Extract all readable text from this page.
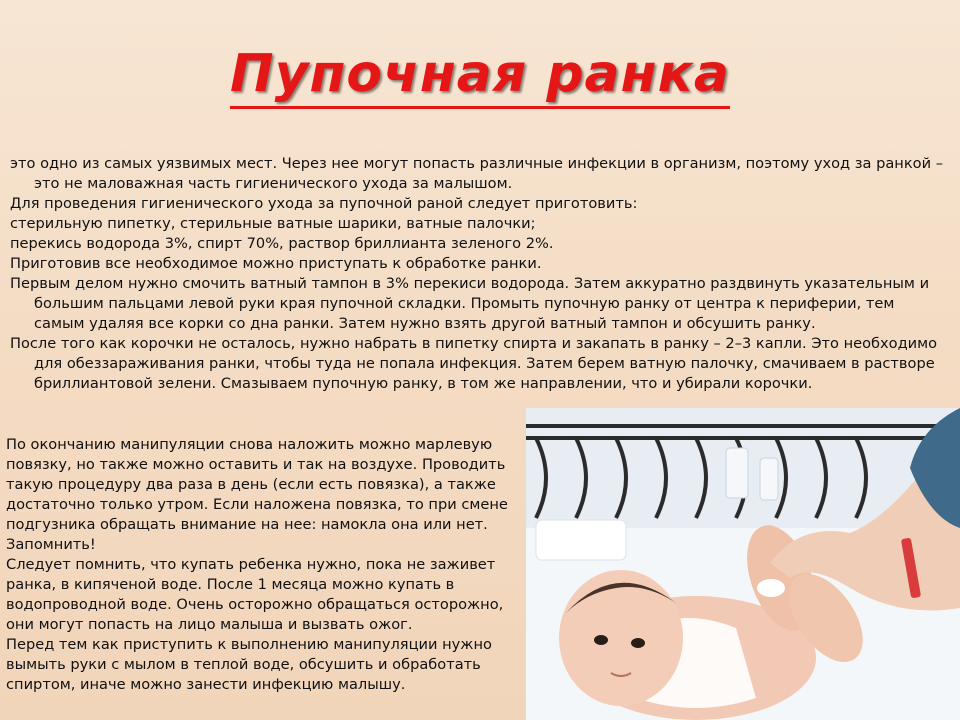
Пупочная ранка

это одно из самых уязвимых мест. Через нее могут попасть различные инфекции в организм, поэтому уход за ранкой – это не маловажная часть гигиенического ухода за малышом.

Для проведения гигиенического ухода за пупочной раной следует приготовить:

стерильную пипетку, стерильные ватные шарики, ватные палочки;

перекись водорода 3%, спирт 70%, раствор бриллианта зеленого 2%.

Приготовив все необходимое можно приступать к обработке ранки.

Первым делом нужно смочить ватный тампон в 3% перекиси водорода. Затем аккуратно раздвинуть указательным и большим пальцами левой руки края пупочной складки. Промыть пупочную ранку от центра к периферии, тем самым удаляя все корки со дна ранки. Затем нужно взять другой ватный тампон и обсушить ранку.

После того как корочки не осталось, нужно набрать в пипетку спирта и закапать в ранку – 2–3 капли. Это необходимо для обеззараживания ранки, чтобы туда не попала инфекция. Затем берем ватную палочку, смачиваем в растворе бриллиантовой зелени. Смазываем пупочную ранку, в том же направлении, что и убирали корочки.

По окончанию манипуляции снова наложить можно марлевую повязку, но также можно оставить и так на воздухе. Проводить такую процедуру два раза в день (если есть повязка), а также достаточно только утром. Если наложена повязка, то при смене подгузника обращать внимание на нее: намокла она или нет. Запомнить!

Следует помнить, что купать ребенка нужно, пока не заживет ранка, в кипяченой воде. После 1 месяца можно купать в водопроводной воде. Очень осторожно обращаться осторожно, они могут попасть на лицо малыша и вызвать ожог.

Перед тем как приступить к выполнению манипуляции нужно вымыть руки с мылом в теплой воде, обсушить и обработать спиртом, иначе можно занести инфекцию малышу.
